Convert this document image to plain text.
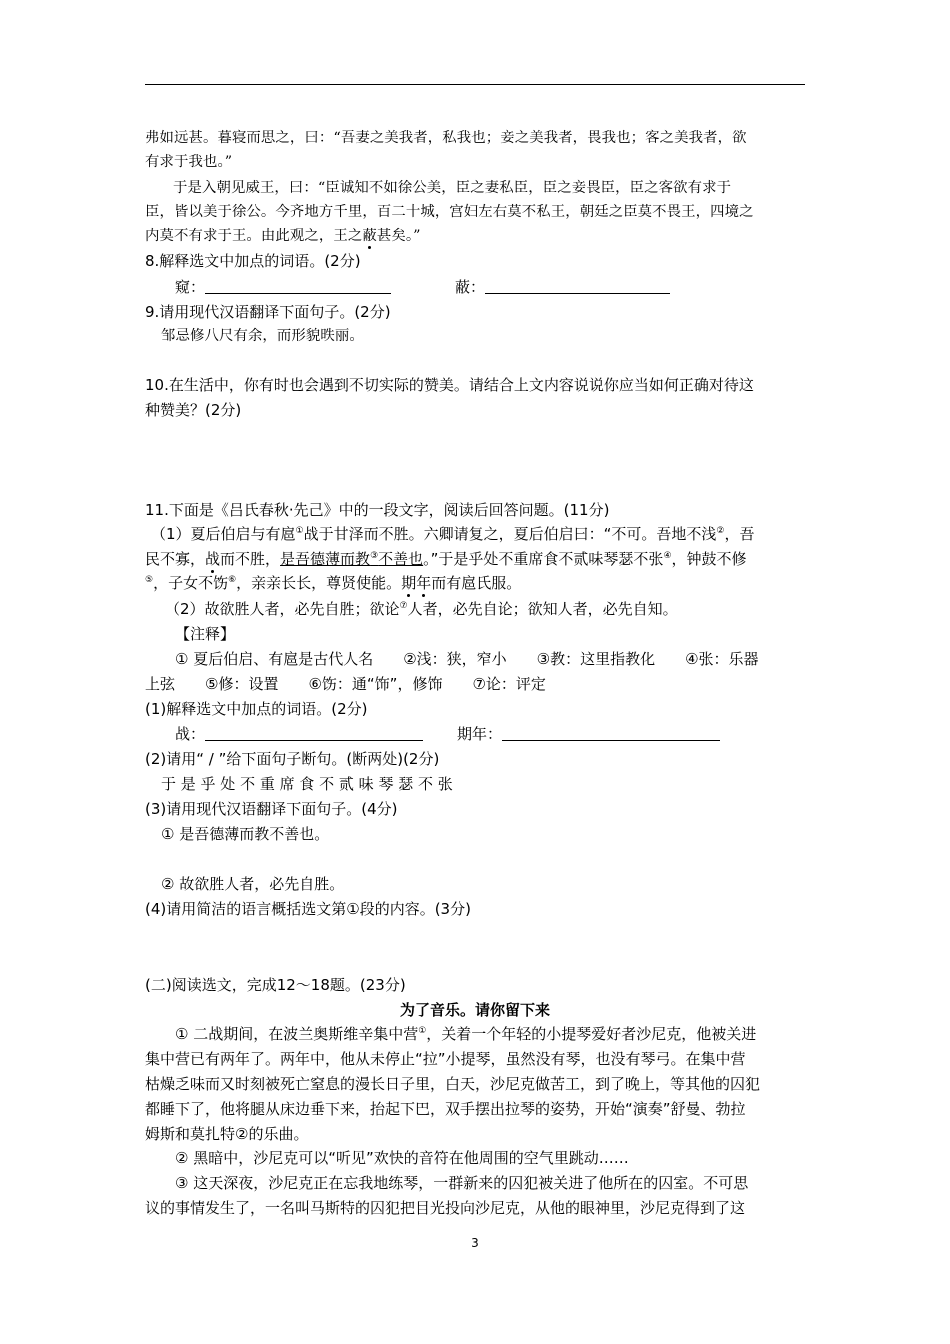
弗如远甚。暮寝而思之，曰：“吾妻之美我者，私我也；妾之美我者，畏我也；客之美我者，欲
有求于我也。”
于是入朝见威王，曰：“臣诚知不如徐公美，臣之妻私臣，臣之妾畏臣，臣之客欲有求于
臣，皆以美于徐公。今齐地方千里，百二十城，宫妇左右莫不私王，朝廷之臣莫不畏王，四境之
内莫不有求于王。由此观之，王之蔽甚矣。”
8.解释选文中加点的词语。(2分)
窥：	蔽：
9.请用现代汉语翻译下面句子。(2分)
邹忌修八尺有余，而形貌昳丽。
10.在生活中，你有时也会遇到不切实际的赞美。请结合上文内容说说你应当如何正确对待这
种赞美？(2分)
11.下面是《吕氏春秋·先己》中的一段文字，阅读后回答问题。(11分)
（1）夏后伯启与有扈①战于甘泽而不胜。六卿请复之，夏后伯启曰：“不可。吾地不浅②，吾
民不寡，战而不胜，是吾德薄而教③不善也。”于是乎处不重席食不贰味琴瑟不张④，钟鼓不修
⑤，子女不饬⑥，亲亲长长，尊贤使能。期年而有扈氏服。
（2）故欲胜人者，必先自胜；欲论⑦人者，必先自论；欲知人者，必先自知。
【注释】
① 夏后伯启、有扈是古代人名　　②浅：狭，窄小　　③教：这里指教化　　④张：乐器
上弦　　⑤修：设置　　⑥饬：通“饰”，修饰　　⑦论：评定
(1)解释选文中加点的词语。(2分)
战：	期年：
(2)请用“ / ”给下面句子断句。(断两处)(2分)
于 是 乎 处 不 重 席 食 不 贰 味 琴 瑟 不 张
(3)请用现代汉语翻译下面句子。(4分)
① 是吾德薄而教不善也。
② 故欲胜人者，必先自胜。
(4)请用简洁的语言概括选文第①段的内容。(3分)
(二)阅读选文，完成12～18题。(23分)
为了音乐。请你留下来
① 二战期间，在波兰奥斯维辛集中营①，关着一个年轻的小提琴爱好者沙尼克，他被关进
集中营已有两年了。两年中，他从未停止“拉”小提琴，虽然没有琴，也没有琴弓。在集中营
枯燥乏味而又时刻被死亡窒息的漫长日子里，白天，沙尼克做苦工，到了晚上，等其他的囚犯
都睡下了，他将腿从床边垂下来，抬起下巴，双手摆出拉琴的姿势，开始“演奏”舒曼、勃拉
姆斯和莫扎特②的乐曲。
② 黑暗中，沙尼克可以“听见”欢快的音符在他周围的空气里跳动……
③ 这天深夜，沙尼克正在忘我地练琴，一群新来的囚犯被关进了他所在的囚室。不可思
议的事情发生了，一名叫马斯特的囚犯把目光投向沙尼克，从他的眼神里，沙尼克得到了这
3
